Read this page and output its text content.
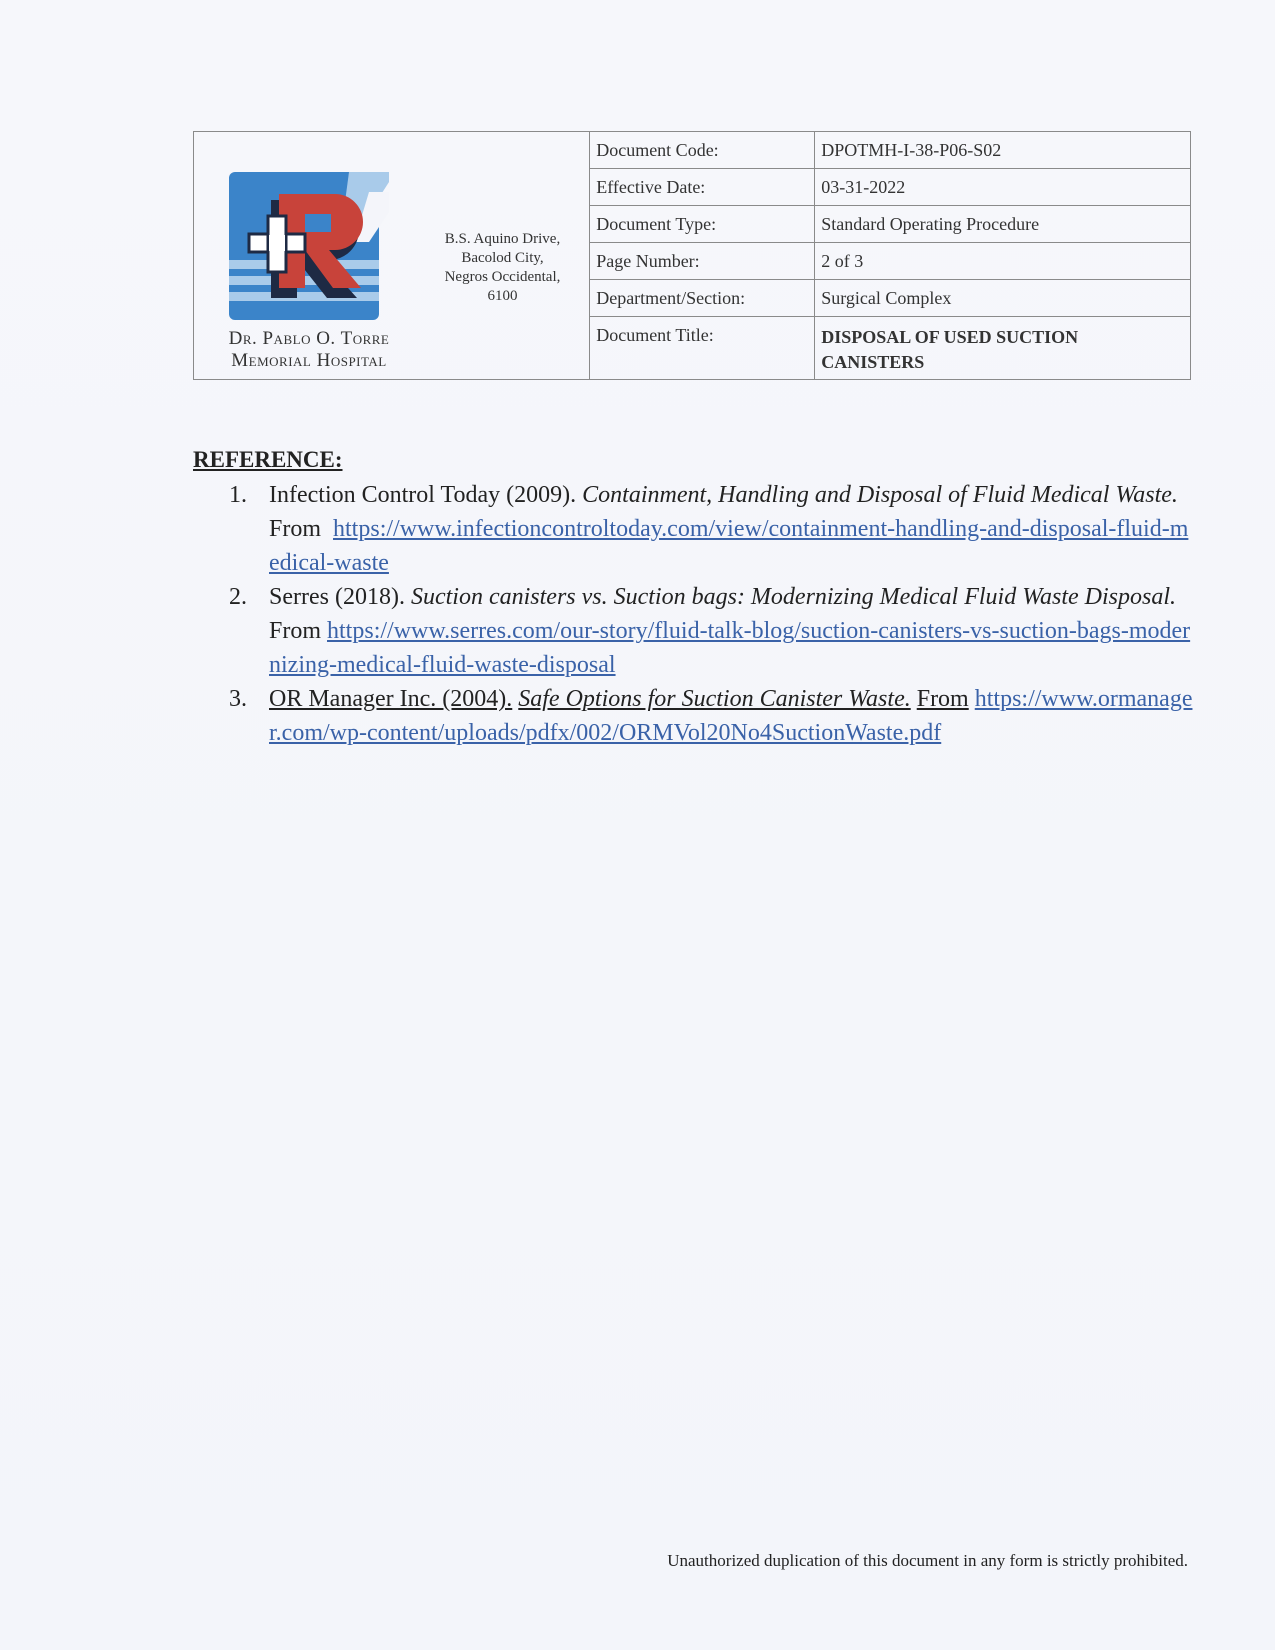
Dr. Pablo O. Torre
Memorial Hospital
B.S. Aquino Drive,
Bacolod City,
Negros Occidental,
6100
Document Code:	DPOTMH-I-38-P06-S02
Effective Date:	03-31-2022
Document Type:	Standard Operating Procedure
Page Number:	2 of 3
Department/Section:	Surgical Complex
Document Title:	DISPOSAL OF USED SUCTION CANISTERS
REFERENCE:
1. Infection Control Today (2009). Containment, Handling and Disposal of Fluid Medical Waste.  From https://www.infectioncontroltoday.com/view/containment-handling-and-disposal-fluid-medical-waste
2. Serres (2018). Suction canisters vs. Suction bags: Modernizing Medical Fluid Waste Disposal. From https://www.serres.com/our-story/fluid-talk-blog/suction-canisters-vs-suction-bags-modernizing-medical-fluid-waste-disposal
3. OR Manager Inc. (2004). Safe Options for Suction Canister Waste. From https://www.ormanager.com/wp-content/uploads/pdfx/002/ORMVol20No4SuctionWaste.pdf
Unauthorized duplication of this document in any form is strictly prohibited.
